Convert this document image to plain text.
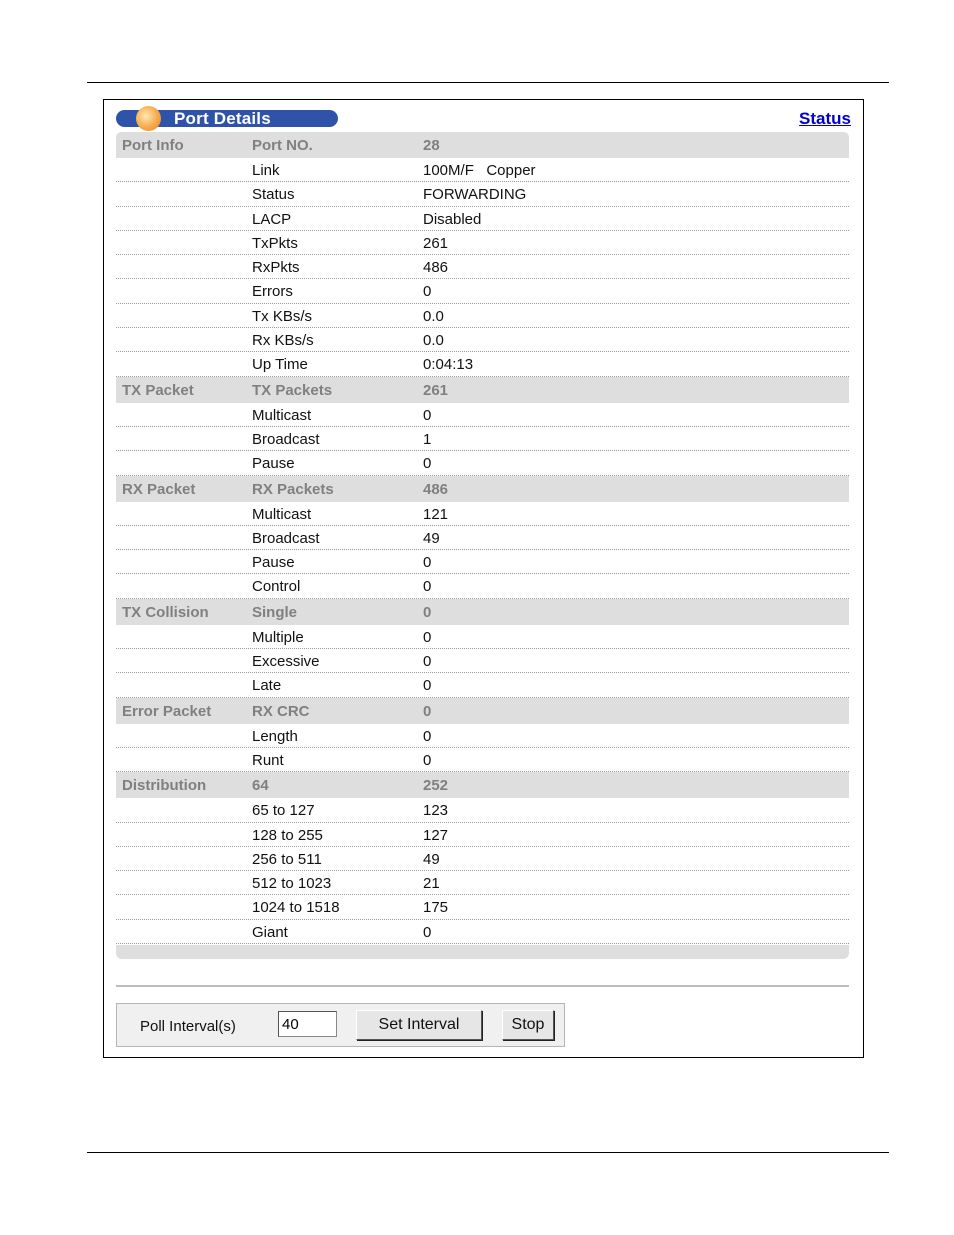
Port Details	Status
Port Info	Port NO.	28
Link	100M/F   Copper
Status	FORWARDING
LACP	Disabled
TxPkts	261
RxPkts	486
Errors	0
Tx KBs/s	0.0
Rx KBs/s	0.0
Up Time	0:04:13
TX Packet	TX Packets	261
Multicast	0
Broadcast	1
Pause	0
RX Packet	RX Packets	486
Multicast	121
Broadcast	49
Pause	0
Control	0
TX Collision	Single	0
Multiple	0
Excessive	0
Late	0
Error Packet	RX CRC	0
Length	0
Runt	0
Distribution	64	252
65 to 127	123
128 to 255	127
256 to 511	49
512 to 1023	21
1024 to 1518	175
Giant	0
Poll Interval(s)
40	Set Interval	Stop
